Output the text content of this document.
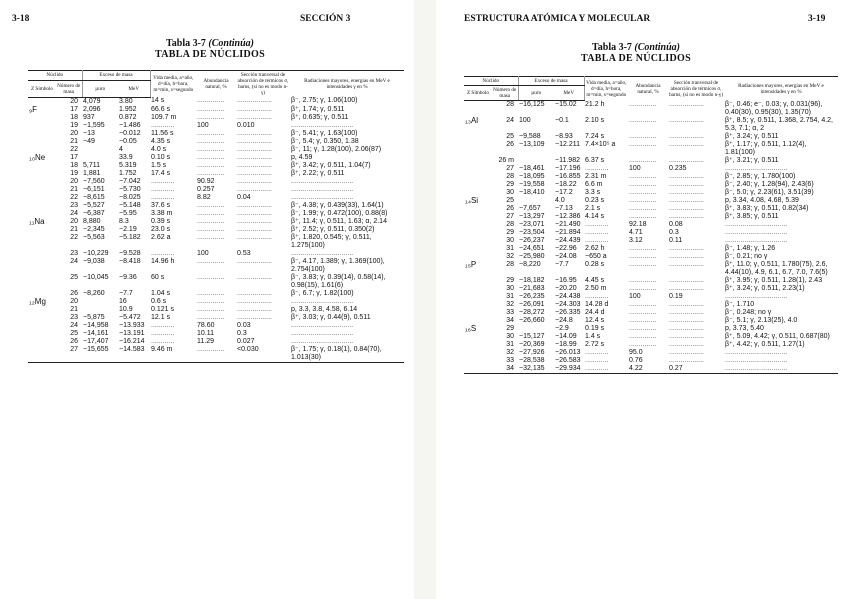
3-18	SECCIÓN 3
Tabla 3-7 (Continúa)
TABLA DE NÚCLIDOS
Núclido		Exceso de masa		Vida media, a=año, d=día, h=hora, m=min, s=segundo	Abundancia natural, %	Sección tranversal de absorción de térmicos σ, barns, (si no es modo n-γ)	Radiaciones mayores, energías en MeV e intensidades γ en %
Z Símbolo	Número de masa	µuro	MeV				
	20	4,079	3.80	14 s	..............	..................	β⁻, 2.75; γ, 1.06(100)
₉F	17	2,096	1.952	66.6 s	..............	..................	β⁺, 1.74; γ, 0.511
	18	937	0.872	109.7 m	..............	..................	β⁺, 0.635; γ, 0.511
	19	−1,595	−1.486	............	100	0.010	................................
	20	−13	−0.012	11.56 s	..............	..................	β⁻, 5.41; γ, 1.63(100)
	21	−49	−0.05	4.35 s	..............	..................	β⁻, 5.4; γ, 0.350, 1.38
	22		4	4.0 s	..............	..................	β⁻, 11; γ, 1.28(100), 2.06(87)
₁₀Ne	17		33.9	0.10 s	..............	..................	p, 4.59
	18	5,711	5.319	1.5 s	..............	..................	β⁺, 3.42; γ, 0.511, 1.04(7)
	19	1,881	1.752	17.4 s	..............	..................	β⁺, 2.22; γ, 0.511
	20	−7,560	−7.042	............	90.92	..................	................................
	21	−6,151	−5.730	............	0.257	..................	................................
	22	−8,615	−8.025	............	8.82	0.04	................................
	23	−5,527	−5.148	37.6 s	..............	..................	β⁻, 4.38; γ, 0.439(33), 1.64(1)
	24	−6,387	−5.95	3.38 m	..............	..................	β⁻, 1.99; γ, 0.472(100), 0.88(8)
₁₁Na	20	8,880	8.3	0.39 s	..............	..................	β⁺, 11.4; γ, 0.511, 1.63; α, 2.14
	21	−2,345	−2.19	23.0 s	..............	..................	β⁺, 2.52; γ, 0.511, 0.350(2)
	22	−5,563	−5.182	2.62 a	..............	..................	β⁺, 1.820, 0.545; γ, 0.511, 1.275(100)
	23	−10,229	−9.528	............	100	0.53	................................
	24	−9,038	−8.418	14.96 h	..............	..................	β⁻, 4.17, 1.389; γ, 1.369(100), 2.754(100)
	25	−10,045	−9.36	60 s	..............	..................	β⁻, 3.83; γ, 0.39(14), 0.58(14), 0.98(15), 1.61(6)
	26	−8,260	−7.7	1.04 s	..............	..................	β⁻, 6.7; γ, 1.82(100)
₁₂Mg	20		16	0.6 s	..............	..................	................................
	21		10.9	0.121 s	..............	..................	p, 3.3, 3.8, 4.58, 6.14
	23	−5,875	−5.472	12.1 s	..............	..................	β⁺, 3.03; γ, 0.44(9), 0.511
	24	−14,958	−13.933	............	78.60	0.03	................................
	25	−14,161	−13.191	............	10.11	0.3	................................
	26	−17,407	−16.214	............	11.29	0.027	................................
	27	−15,655	−14.583	9.46 m	..............	<0.030	β⁻, 1.75; γ, 0.18(1), 0.84(70), 1.013(30)
ESTRUCTURA ATÓMICA Y MOLECULAR	3-19
Tabla 3-7 (Continúa)
TABLA DE NÚCLIDOS
Núclido		Exceso de masa		Vida media, a=año, d=día, h=hora, m=min, s=segundo	Abundancia natural, %	Sección tranversal de absorción de térmicos σ, barns, (si no es modo n-γ)	Radiaciones mayores, energías en MeV e intensidades γ en %
Z Símbolo	Número de masa	µuro	MeV				
	28	−16,125	−15.02	21.2 h	..............	..................	β⁻, 0.46; e⁻, 0.03; γ, 0.031(96), 0.40(30), 0.95(30), 1.35(70)
₁₃Al	24	100	−0.1	2.10 s	..............	..................	β⁺, 8.5; γ, 0.511, 1.368, 2.754, 4.2, 5.3, 7.1; α, 2
	25	−9,588	−8.93	7.24 s	..............	..................	β⁺, 3.24; γ, 0.511
	26	−13,109	−12.211	7.4×10⁵ a	..............	..................	β⁺, 1.17; γ, 0.511, 1.12(4), 1.81(100)
	26 m		−11.982	6.37 s	..............	..................	β⁺, 3.21; γ, 0.511
	27	−18,461	−17.196	............	100	0.235	................................
	28	−18,095	−16.855	2.31 m	..............	..................	β⁻, 2.85; γ, 1.780(100)
	29	−19,558	−18.22	6.6 m	..............	..................	β⁻, 2.40; γ, 1.28(94), 2.43(6)
	30	−18,410	−17.2	3.3 s	..............	..................	β⁻, 5.0; γ, 2.23(61), 3.51(39)
₁₄Si	25		4.0	0.23 s	..............	..................	p, 3.34, 4.08, 4.68, 5.39
	26	−7,657	−7.13	2.1 s	..............	..................	β⁺, 3.83; γ, 0.511, 0.82(34)
	27	−13,297	−12.386	4.14 s	..............	..................	β⁺, 3.85; γ, 0.511
	28	−23,071	−21.490	............	92.18	0.08	................................
	29	−23,504	−21.894	............	4.71	0.3	................................
	30	−26,237	−24.439	............	3.12	0.11	................................
	31	−24,651	−22.96	2.62 h	..............	..................	β⁻, 1.48; γ, 1.26
	32	−25,980	−24.08	~650 a	..............	..................	β⁻, 0.21; no γ
₁₅P	28	−8,220	−7.7	0.28 s	..............	..................	β⁺, 11.0; γ, 0.511, 1.780(75), 2.6, 4.44(10), 4.9, 6.1, 6.7, 7.0, 7.6(5)
	29	−18,182	−16.95	4.45 s	..............	..................	β⁺, 3.95; γ, 0.511, 1.28(1), 2.43
	30	−21,683	−20.20	2.50 m	..............	..................	β⁺, 3.24; γ, 0.511, 2.23(1)
	31	−26,235	−24.438	............	100	0.19	................................
	32	−26,091	−24.303	14.28 d	..............	..................	β⁻, 1.710
	33	−28,272	−26.335	24.4 d	..............	..................	β⁻, 0.248; no γ
	34	−26,660	−24.8	12.4 s	..............	..................	β⁻, 5.1; γ, 2.13(25), 4.0
₁₆S	29		−2.9	0.19 s	..............	..................	p, 3.73, 5.40
	30	−15,127	−14.09	1.4 s	..............	..................	β⁺, 5.09, 4.42; γ, 0.511, 0.687(80)
	31	−20,369	−18.99	2.72 s	..............	..................	β⁺, 4.42; γ, 0.511, 1.27(1)
	32	−27,926	−26.013	............	95.0	..................	................................
	33	−28,538	−26.583	............	0.76	..................	................................
	34	−32,135	−29.934	............	4.22	0.27	................................
